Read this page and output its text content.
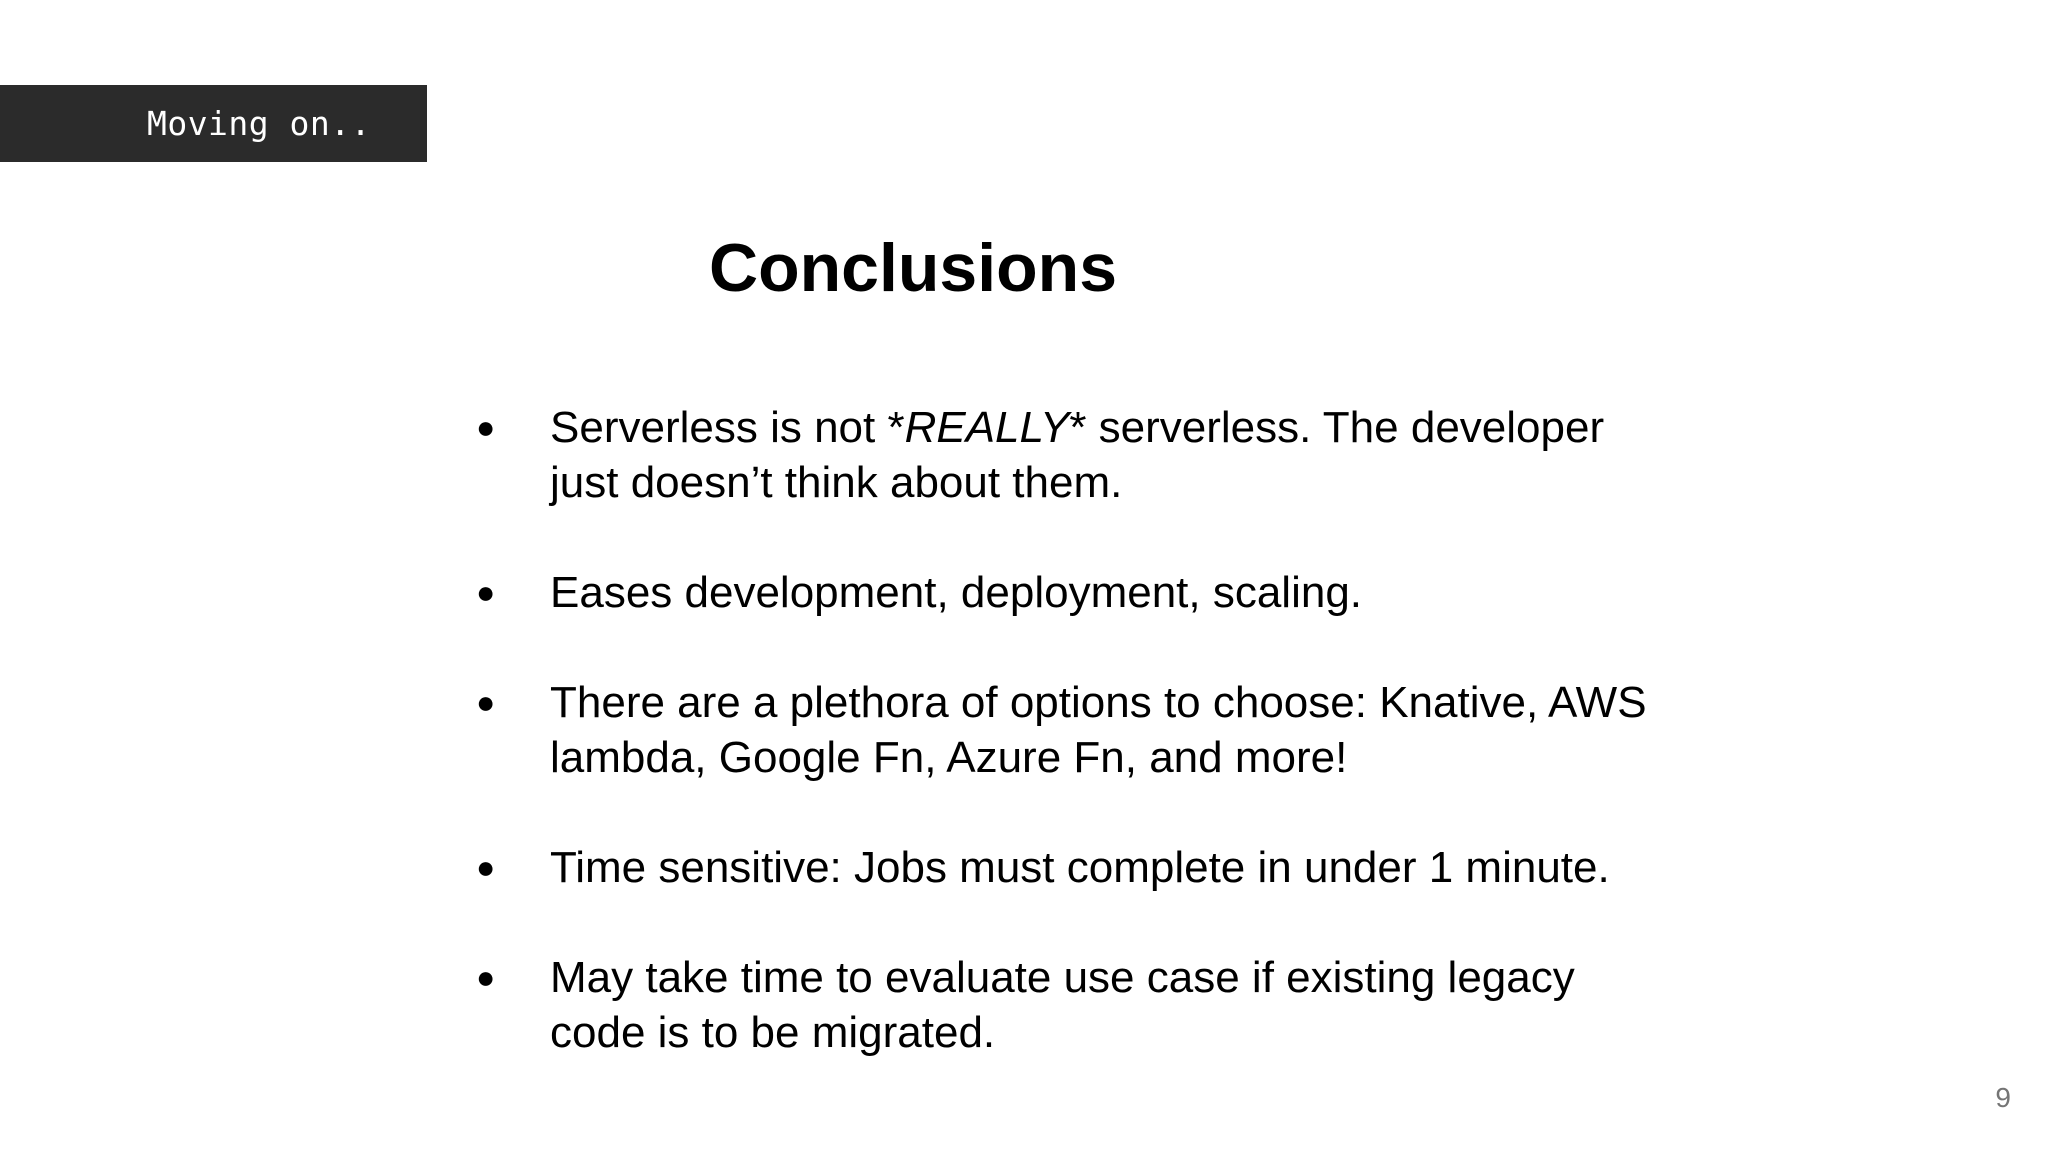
Moving on..
Conclusions
● Serverless is not *REALLY* serverless. The developer just doesn’t think about them.
● Eases development, deployment, scaling.
● There are a plethora of options to choose: Knative, AWS lambda, Google Fn, Azure Fn, and more!
● Time sensitive: Jobs must complete in under 1 minute.
● May take time to evaluate use case if existing legacy code is to be migrated.
9
